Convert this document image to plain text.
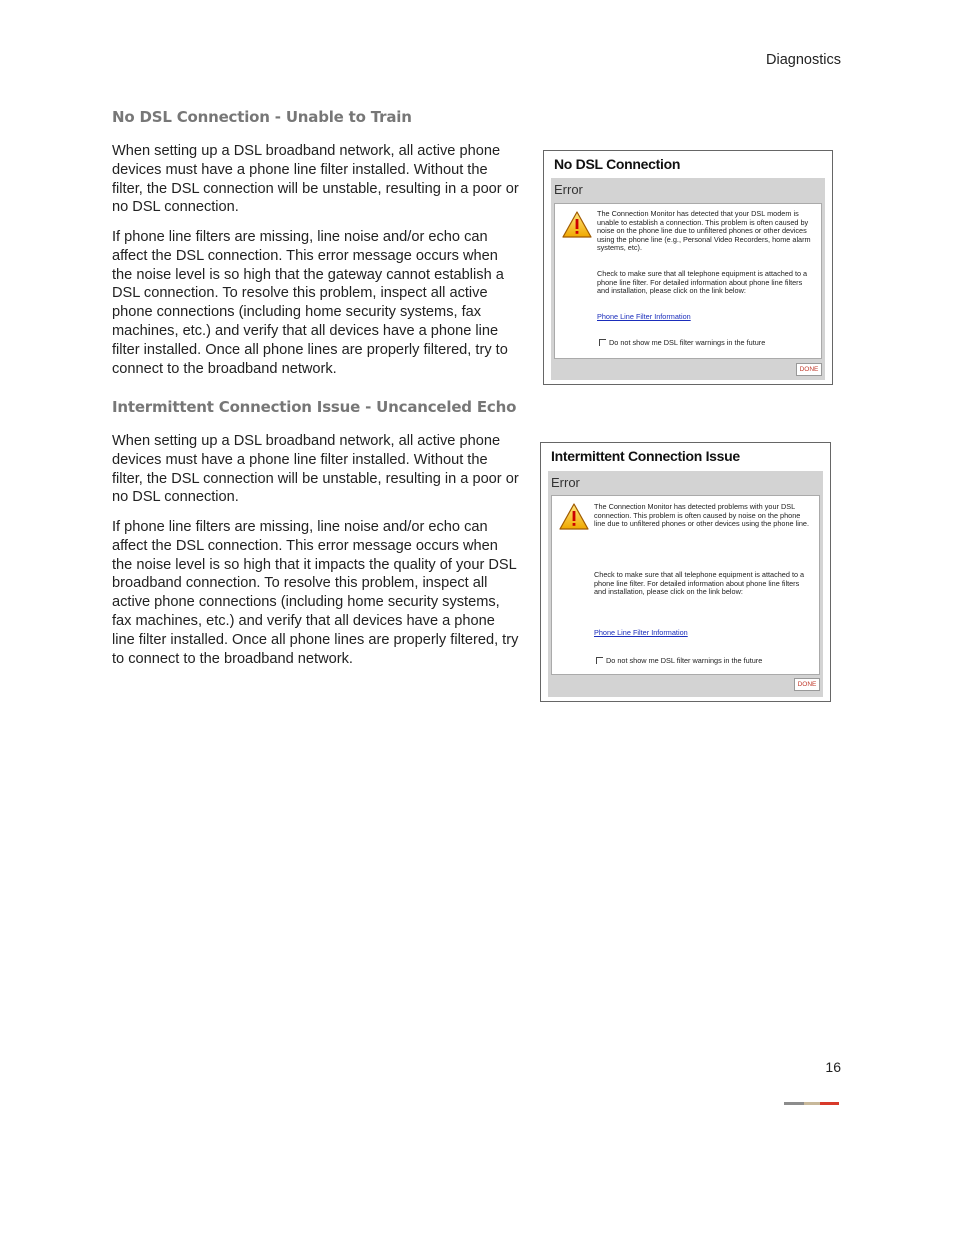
Diagnostics
No DSL Connection - Unable to Train

When setting up a DSL broadband network, all active phone devices must have a phone line filter installed. Without the filter, the DSL connection will be unstable, resulting in a poor or no DSL connection.

If phone line filters are missing, line noise and/or echo can affect the DSL connection. This error message occurs when the noise level is so high that the gateway cannot establish a DSL connection. To resolve this problem, inspect all active phone connections (including home security systems, fax machines, etc.) and verify that all devices have a phone line filter installed. Once all phone lines are properly filtered, try to connect to the broadband network.

No DSL Connection
Error

The Connection Monitor has detected that your DSL modem is unable to establish a connection. This problem is often caused by noise on the phone line due to unfiltered phones or other devices using the phone line (e.g., Personal Video Recorders, home alarm systems, etc).

Check to make sure that all telephone equipment is attached to a phone line filter. For detailed information about phone line filters and installation, please click on the link below:

Phone Line Filter Information
Do not show me DSL filter warnings in the future
DONE
Intermittent Connection Issue - Uncanceled Echo

When setting up a DSL broadband network, all active phone devices must have a phone line filter installed. Without the filter, the DSL connection will be unstable, resulting in a poor or no DSL connection.

If phone line filters are missing, line noise and/or echo can affect the DSL connection. This error message occurs when the noise level is so high that it impacts the quality of your DSL broadband connection. To resolve this problem, inspect all active phone connections (including home security systems, fax machines, etc.) and verify that all devices have a phone line filter installed. Once all phone lines are properly filtered, try to connect to the broadband network.

Intermittent Connection Issue
Error

The Connection Monitor has detected problems with your DSL connection. This problem is often caused by noise on the phone line due to unfiltered phones or other devices using the phone line.

Check to make sure that all telephone equipment is attached to a phone line filter. For detailed information about phone line filters and installation, please click on the link below:

Phone Line Filter Information
Do not show me DSL filter warnings in the future
DONE
16
